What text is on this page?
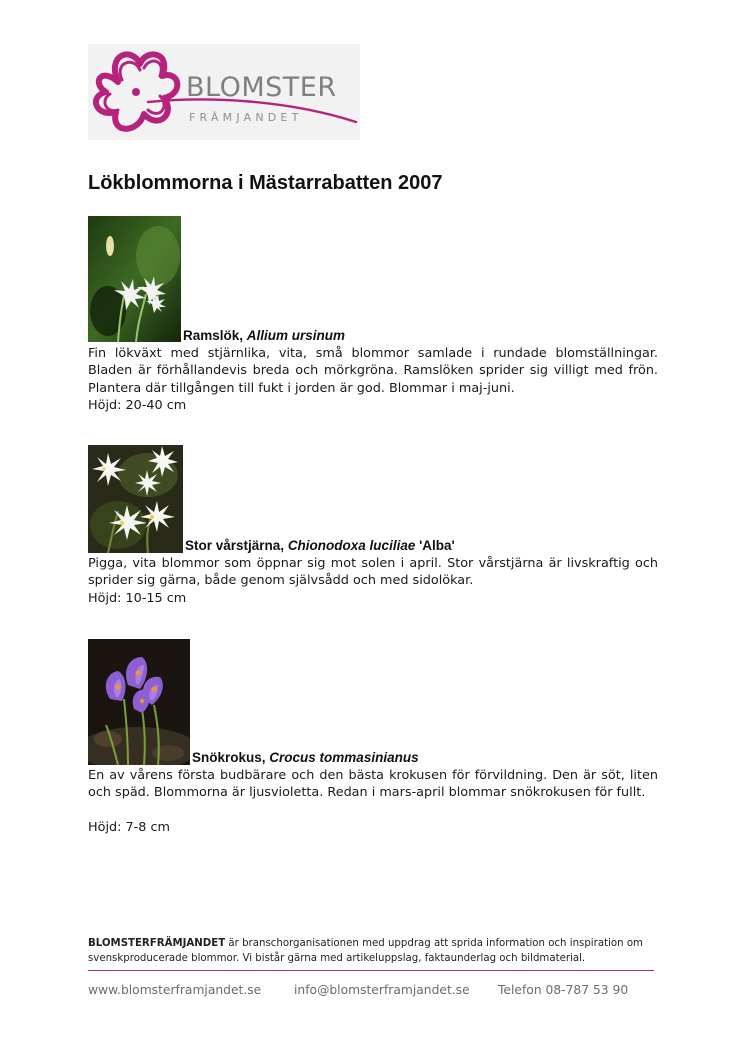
BLOMSTER
FRÄMJANDET
Lökblommorna i Mästarrabatten 2007
Ramslök, Allium ursinum

Fin lökväxt med stjärnlika, vita, små blommor samlade i rundade blomställningar. Bladen är förhållandevis breda och mörkgröna. Ramslöken sprider sig villigt med frön. Plantera där tillgången till fukt i jorden är god. Blommar i maj-juni.

Höjd: 20-40 cm

Stor vårstjärna, Chionodoxa luciliae 'Alba'

Pigga, vita blommor som öppnar sig mot solen i april. Stor vårstjärna är livskraftig och sprider sig gärna, både genom självsådd och med sidolökar.

Höjd: 10-15 cm

Snökrokus, Crocus tommasinianus

En av vårens första budbärare och den bästa krokusen för förvildning. Den är söt, liten och späd. Blommorna är ljusvioletta. Redan i mars-april blommar snökrokusen för fullt.

Höjd: 7-8 cm

BLOMSTERFRÄMJANDET är branschorganisationen med uppdrag att sprida information och inspiration om svenskproducerade blommor. Vi bistår gärna med artikeluppslag, faktaunderlag och bildmaterial.

www.blomsterframjandet.se	info@blomsterframjandet.se Telefon 08-787 53 90
